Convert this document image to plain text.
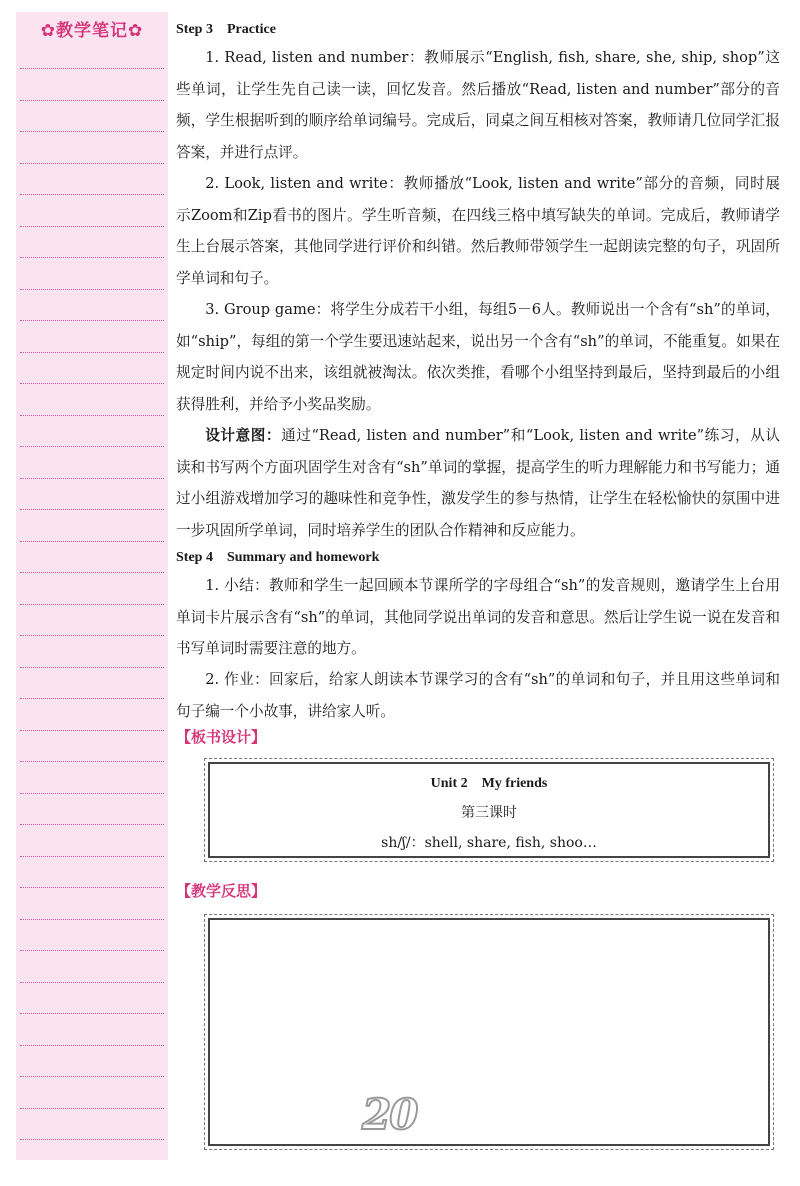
✿教学笔记✿	Step 3　Practice
1. Read, listen and number：教师展示“English, fish, share, she, ship, shop”这些单词，让学生先自己读一读，回忆发音。然后播放“Read, listen and number”部分的音频，学生根据听到的顺序给单词编号。完成后，同桌之间互相核对答案，教师请几位同学汇报答案，并进行点评。
2. Look, listen and write：教师播放“Look, listen and write”部分的音频，同时展示Zoom和Zip看书的图片。学生听音频，在四线三格中填写缺失的单词。完成后，教师请学生上台展示答案，其他同学进行评价和纠错。然后教师带领学生一起朗读完整的句子，巩固所学单词和句子。
3. Group game：将学生分成若干小组，每组5－6人。教师说出一个含有“sh”的单词，如“ship”，每组的第一个学生要迅速站起来，说出另一个含有“sh”的单词，不能重复。如果在规定时间内说不出来，该组就被淘汰。依次类推，看哪个小组坚持到最后，坚持到最后的小组获得胜利，并给予小奖品奖励。
设计意图：通过“Read, listen and number”和“Look, listen and write”练习，从认读和书写两个方面巩固学生对含有“sh”单词的掌握，提高学生的听力理解能力和书写能力；通过小组游戏增加学习的趣味性和竞争性，激发学生的参与热情，让学生在轻松愉快的氛围中进一步巩固所学单词，同时培养学生的团队合作精神和反应能力。
Step 4　Summary and homework
1. 小结：教师和学生一起回顾本节课所学的字母组合“sh”的发音规则，邀请学生上台用单词卡片展示含有“sh”的单词，其他同学说出单词的发音和意思。然后让学生说一说在发音和书写单词时需要注意的地方。
2. 作业：回家后，给家人朗读本节课学习的含有“sh”的单词和句子，并且用这些单词和句子编一个小故事，讲给家人听。
【板书设计】
Unit 2　My friends
第三课时
sh/ʃ/：shell, share, fish, shoo…
【教学反思】
20
